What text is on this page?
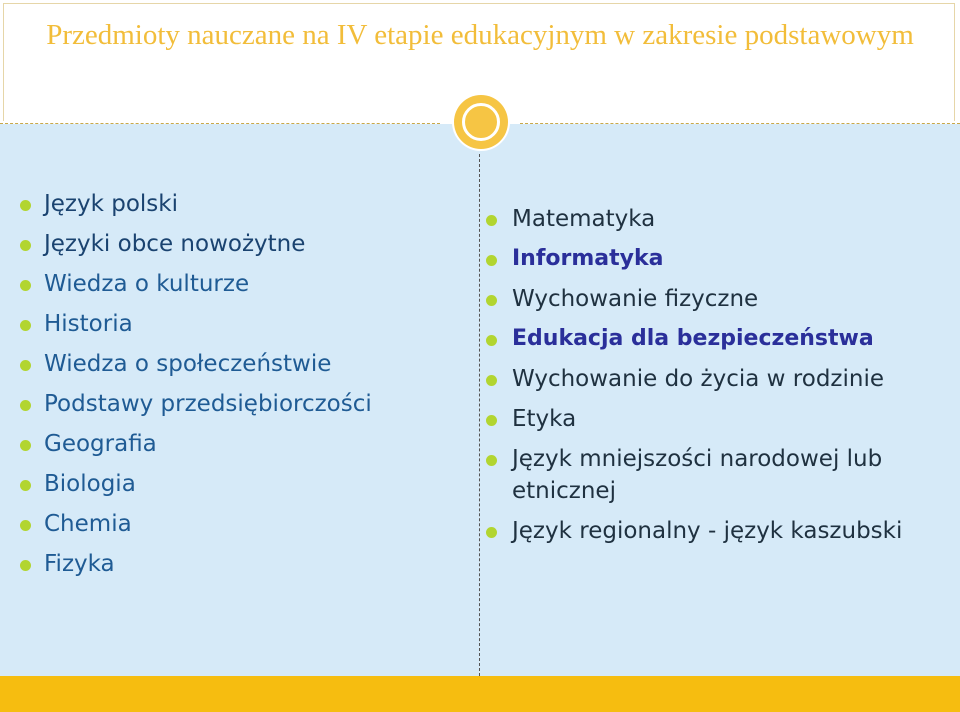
Przedmioty nauczane na IV etapie edukacyjnym w zakresie podstawowym
Język polski
Języki obce nowożytne
Wiedza o kulturze
Historia
Wiedza o społeczeństwie
Podstawy przedsiębiorczości
Geografia
Biologia
Chemia
Fizyka
Matematyka
Informatyka
Wychowanie fizyczne
Edukacja dla bezpieczeństwa
Wychowanie do życia w rodzinie
Etyka
Język mniejszości narodowej lub etnicznej
Język regionalny - język kaszubski
